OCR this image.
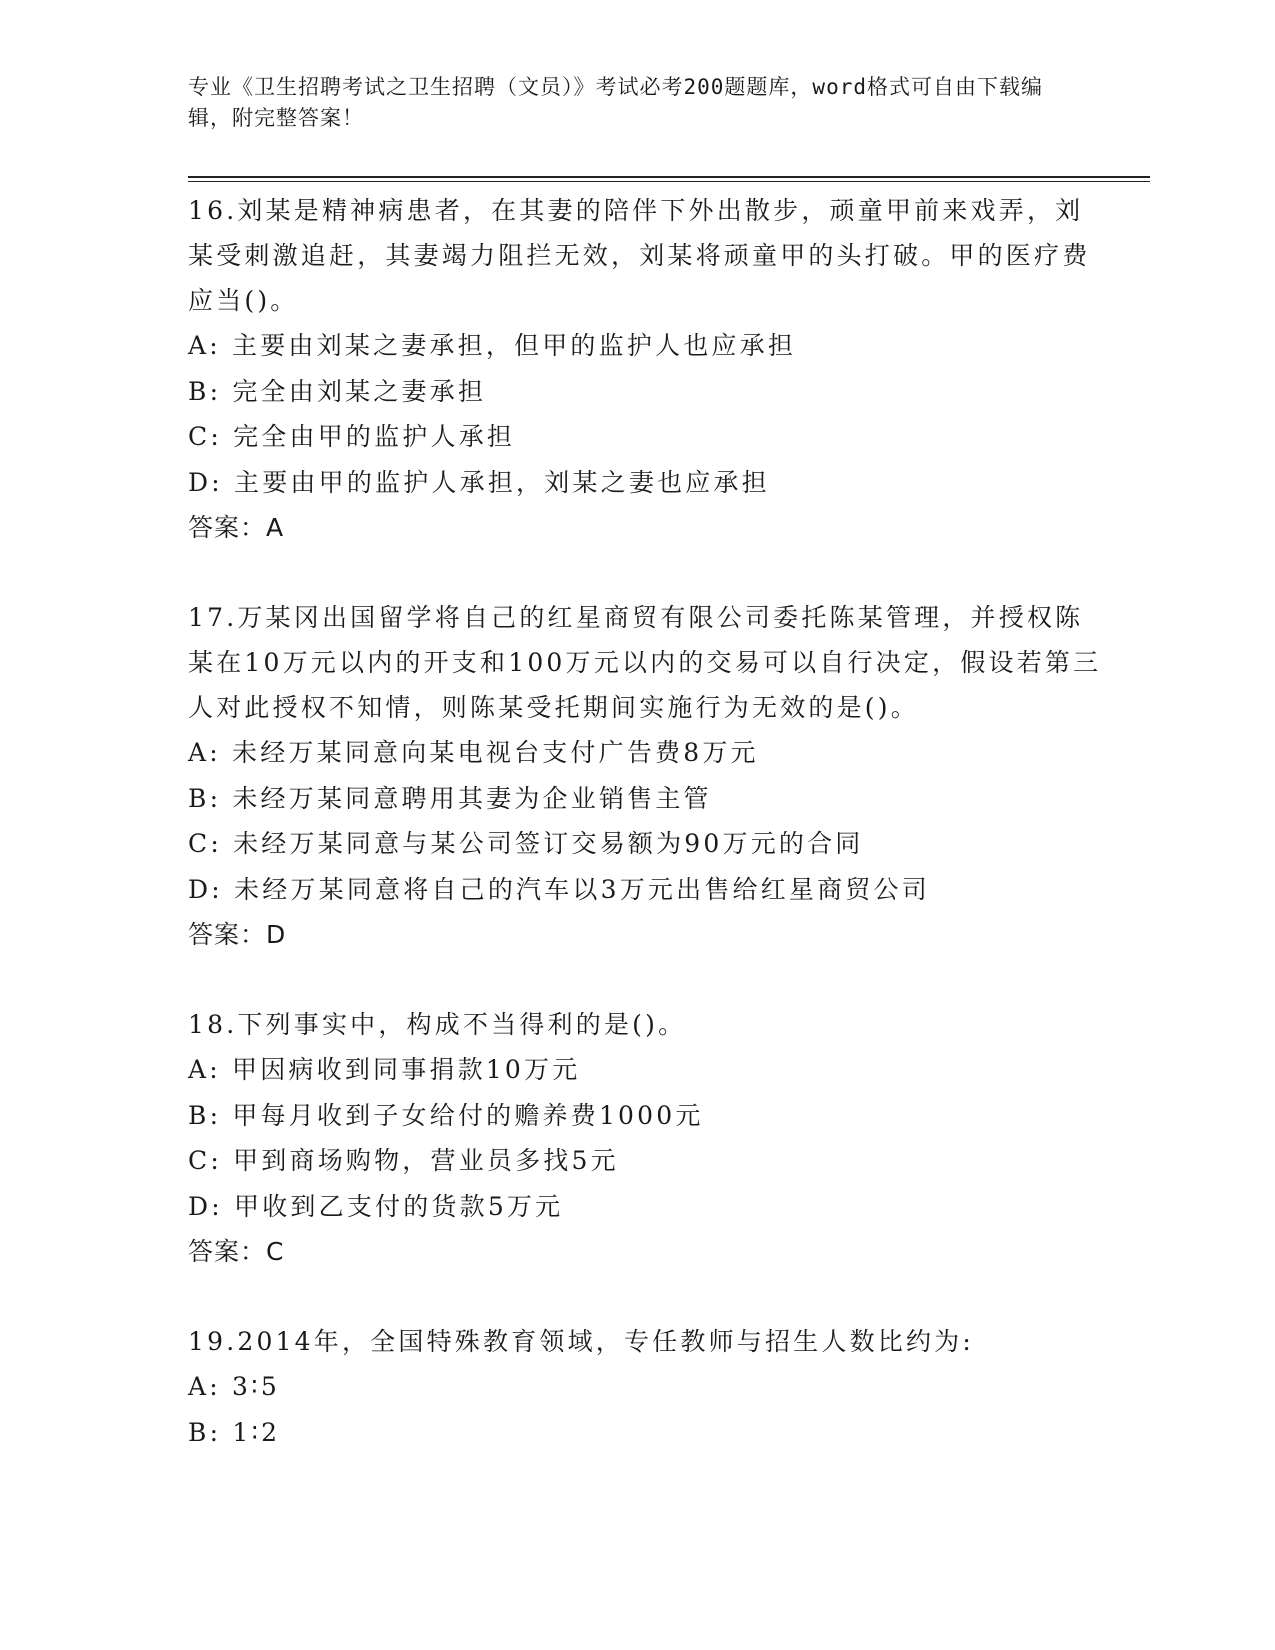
专业《卫生招聘考试之卫生招聘（文员）》考试必考200题题库，word格式可自由下载编辑，附完整答案！

16.刘某是精神病患者，在其妻的陪伴下外出散步，顽童甲前来戏弄，刘某受刺激追赶，其妻竭力阻拦无效，刘某将顽童甲的头打破。甲的医疗费应当()。

A: 主要由刘某之妻承担，但甲的监护人也应承担

B: 完全由刘某之妻承担

C: 完全由甲的监护人承担

D: 主要由甲的监护人承担，刘某之妻也应承担

答案：A

17.万某冈出国留学将自己的红星商贸有限公司委托陈某管理，并授权陈某在10万元以内的开支和100万元以内的交易可以自行决定，假设若第三人对此授权不知情，则陈某受托期间实施行为无效的是()。

A: 未经万某同意向某电视台支付广告费8万元

B: 未经万某同意聘用其妻为企业销售主管

C: 未经万某同意与某公司签订交易额为90万元的合同

D: 未经万某同意将自己的汽车以3万元出售给红星商贸公司

答案：D

18.下列事实中，构成不当得利的是()。

A: 甲因病收到同事捐款10万元

B: 甲每月收到子女给付的赡养费1000元

C: 甲到商场购物，营业员多找5元

D: 甲收到乙支付的货款5万元

答案：C

19.2014年，全国特殊教育领域，专任教师与招生人数比约为:

A: 3∶5

B: 1∶2
